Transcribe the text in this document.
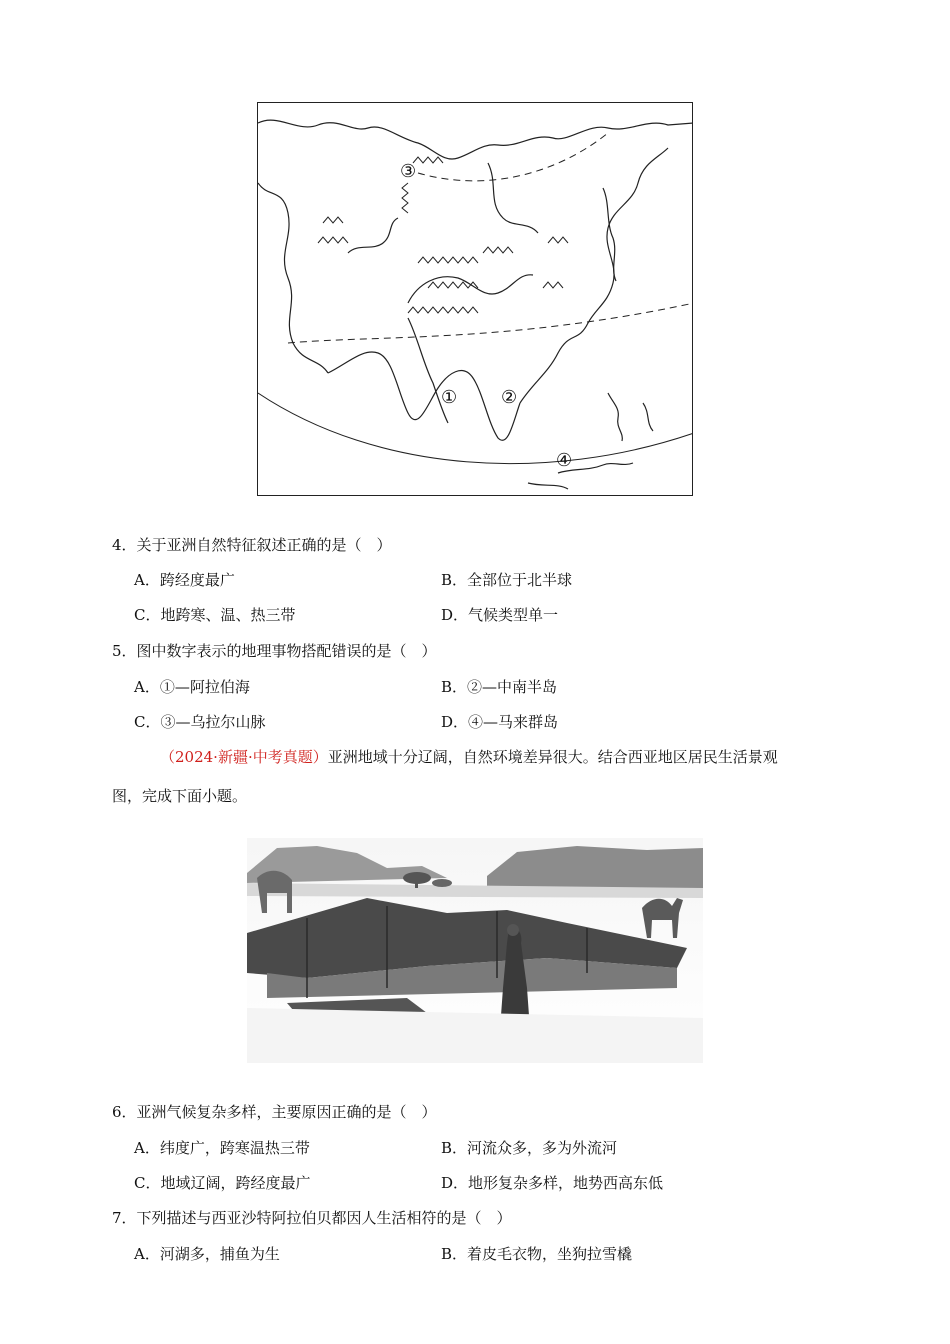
③
① ②
④
4．关于亚洲自然特征叙述正确的是（　）
A．跨经度最广	B．全部位于北半球
C．地跨寒、温、热三带	D．气候类型单一
5．图中数字表示的地理事物搭配错误的是（　）
A．①—阿拉伯海	B．②—中南半岛
C．③—乌拉尔山脉	D．④—马来群岛
（2024·新疆·中考真题）亚洲地域十分辽阔，自然环境差异很大。结合西亚地区居民生活景观
图，完成下面小题。
6．亚洲气候复杂多样，主要原因正确的是（　）
A．纬度广，跨寒温热三带	B．河流众多，多为外流河
C．地域辽阔，跨经度最广	D．地形复杂多样，地势西高东低
7．下列描述与西亚沙特阿拉伯贝都因人生活相符的是（　）
A．河湖多，捕鱼为生	B．着皮毛衣物，坐狗拉雪橇
